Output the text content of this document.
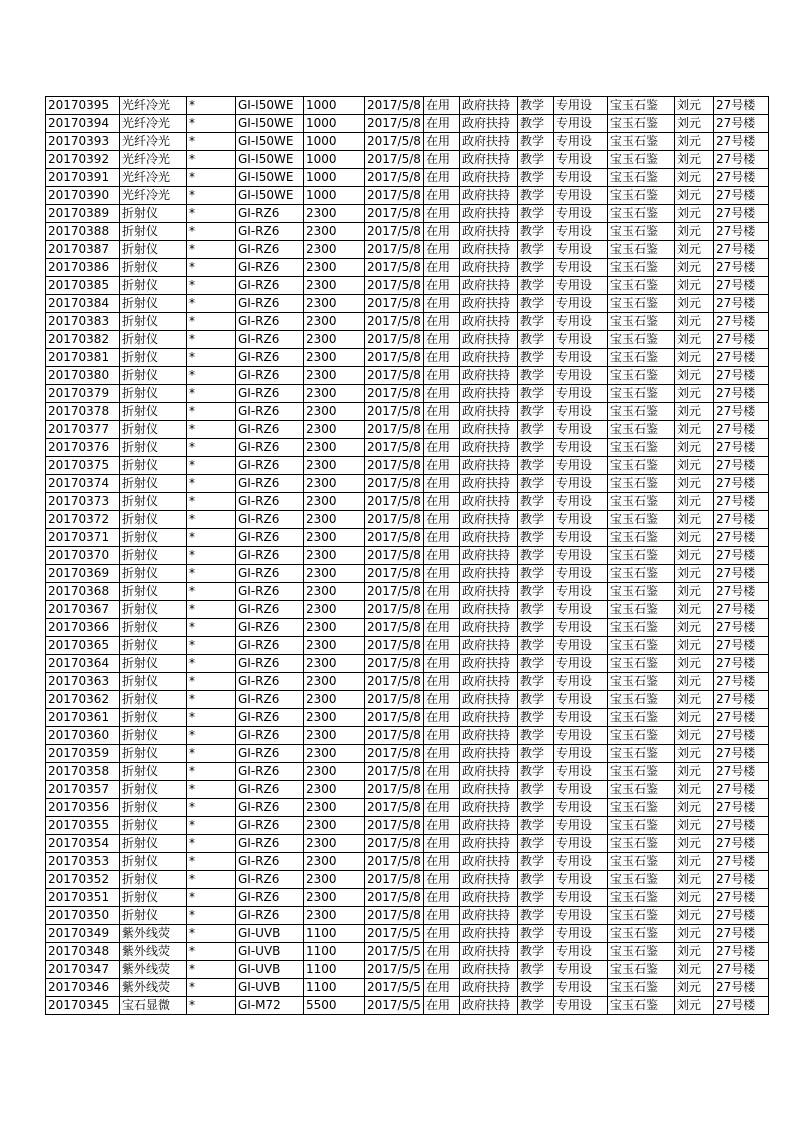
20170395	光纤冷光	*	GI-I50WE	1000	2017/5/8	在用	政府扶持	教学	专用设	宝玉石鉴	刘元	27号楼
20170394	光纤冷光	*	GI-I50WE	1000	2017/5/8	在用	政府扶持	教学	专用设	宝玉石鉴	刘元	27号楼
20170393	光纤冷光	*	GI-I50WE	1000	2017/5/8	在用	政府扶持	教学	专用设	宝玉石鉴	刘元	27号楼
20170392	光纤冷光	*	GI-I50WE	1000	2017/5/8	在用	政府扶持	教学	专用设	宝玉石鉴	刘元	27号楼
20170391	光纤冷光	*	GI-I50WE	1000	2017/5/8	在用	政府扶持	教学	专用设	宝玉石鉴	刘元	27号楼
20170390	光纤冷光	*	GI-I50WE	1000	2017/5/8	在用	政府扶持	教学	专用设	宝玉石鉴	刘元	27号楼
20170389	折射仪	*	GI-RZ6	2300	2017/5/8	在用	政府扶持	教学	专用设	宝玉石鉴	刘元	27号楼
20170388	折射仪	*	GI-RZ6	2300	2017/5/8	在用	政府扶持	教学	专用设	宝玉石鉴	刘元	27号楼
20170387	折射仪	*	GI-RZ6	2300	2017/5/8	在用	政府扶持	教学	专用设	宝玉石鉴	刘元	27号楼
20170386	折射仪	*	GI-RZ6	2300	2017/5/8	在用	政府扶持	教学	专用设	宝玉石鉴	刘元	27号楼
20170385	折射仪	*	GI-RZ6	2300	2017/5/8	在用	政府扶持	教学	专用设	宝玉石鉴	刘元	27号楼
20170384	折射仪	*	GI-RZ6	2300	2017/5/8	在用	政府扶持	教学	专用设	宝玉石鉴	刘元	27号楼
20170383	折射仪	*	GI-RZ6	2300	2017/5/8	在用	政府扶持	教学	专用设	宝玉石鉴	刘元	27号楼
20170382	折射仪	*	GI-RZ6	2300	2017/5/8	在用	政府扶持	教学	专用设	宝玉石鉴	刘元	27号楼
20170381	折射仪	*	GI-RZ6	2300	2017/5/8	在用	政府扶持	教学	专用设	宝玉石鉴	刘元	27号楼
20170380	折射仪	*	GI-RZ6	2300	2017/5/8	在用	政府扶持	教学	专用设	宝玉石鉴	刘元	27号楼
20170379	折射仪	*	GI-RZ6	2300	2017/5/8	在用	政府扶持	教学	专用设	宝玉石鉴	刘元	27号楼
20170378	折射仪	*	GI-RZ6	2300	2017/5/8	在用	政府扶持	教学	专用设	宝玉石鉴	刘元	27号楼
20170377	折射仪	*	GI-RZ6	2300	2017/5/8	在用	政府扶持	教学	专用设	宝玉石鉴	刘元	27号楼
20170376	折射仪	*	GI-RZ6	2300	2017/5/8	在用	政府扶持	教学	专用设	宝玉石鉴	刘元	27号楼
20170375	折射仪	*	GI-RZ6	2300	2017/5/8	在用	政府扶持	教学	专用设	宝玉石鉴	刘元	27号楼
20170374	折射仪	*	GI-RZ6	2300	2017/5/8	在用	政府扶持	教学	专用设	宝玉石鉴	刘元	27号楼
20170373	折射仪	*	GI-RZ6	2300	2017/5/8	在用	政府扶持	教学	专用设	宝玉石鉴	刘元	27号楼
20170372	折射仪	*	GI-RZ6	2300	2017/5/8	在用	政府扶持	教学	专用设	宝玉石鉴	刘元	27号楼
20170371	折射仪	*	GI-RZ6	2300	2017/5/8	在用	政府扶持	教学	专用设	宝玉石鉴	刘元	27号楼
20170370	折射仪	*	GI-RZ6	2300	2017/5/8	在用	政府扶持	教学	专用设	宝玉石鉴	刘元	27号楼
20170369	折射仪	*	GI-RZ6	2300	2017/5/8	在用	政府扶持	教学	专用设	宝玉石鉴	刘元	27号楼
20170368	折射仪	*	GI-RZ6	2300	2017/5/8	在用	政府扶持	教学	专用设	宝玉石鉴	刘元	27号楼
20170367	折射仪	*	GI-RZ6	2300	2017/5/8	在用	政府扶持	教学	专用设	宝玉石鉴	刘元	27号楼
20170366	折射仪	*	GI-RZ6	2300	2017/5/8	在用	政府扶持	教学	专用设	宝玉石鉴	刘元	27号楼
20170365	折射仪	*	GI-RZ6	2300	2017/5/8	在用	政府扶持	教学	专用设	宝玉石鉴	刘元	27号楼
20170364	折射仪	*	GI-RZ6	2300	2017/5/8	在用	政府扶持	教学	专用设	宝玉石鉴	刘元	27号楼
20170363	折射仪	*	GI-RZ6	2300	2017/5/8	在用	政府扶持	教学	专用设	宝玉石鉴	刘元	27号楼
20170362	折射仪	*	GI-RZ6	2300	2017/5/8	在用	政府扶持	教学	专用设	宝玉石鉴	刘元	27号楼
20170361	折射仪	*	GI-RZ6	2300	2017/5/8	在用	政府扶持	教学	专用设	宝玉石鉴	刘元	27号楼
20170360	折射仪	*	GI-RZ6	2300	2017/5/8	在用	政府扶持	教学	专用设	宝玉石鉴	刘元	27号楼
20170359	折射仪	*	GI-RZ6	2300	2017/5/8	在用	政府扶持	教学	专用设	宝玉石鉴	刘元	27号楼
20170358	折射仪	*	GI-RZ6	2300	2017/5/8	在用	政府扶持	教学	专用设	宝玉石鉴	刘元	27号楼
20170357	折射仪	*	GI-RZ6	2300	2017/5/8	在用	政府扶持	教学	专用设	宝玉石鉴	刘元	27号楼
20170356	折射仪	*	GI-RZ6	2300	2017/5/8	在用	政府扶持	教学	专用设	宝玉石鉴	刘元	27号楼
20170355	折射仪	*	GI-RZ6	2300	2017/5/8	在用	政府扶持	教学	专用设	宝玉石鉴	刘元	27号楼
20170354	折射仪	*	GI-RZ6	2300	2017/5/8	在用	政府扶持	教学	专用设	宝玉石鉴	刘元	27号楼
20170353	折射仪	*	GI-RZ6	2300	2017/5/8	在用	政府扶持	教学	专用设	宝玉石鉴	刘元	27号楼
20170352	折射仪	*	GI-RZ6	2300	2017/5/8	在用	政府扶持	教学	专用设	宝玉石鉴	刘元	27号楼
20170351	折射仪	*	GI-RZ6	2300	2017/5/8	在用	政府扶持	教学	专用设	宝玉石鉴	刘元	27号楼
20170350	折射仪	*	GI-RZ6	2300	2017/5/8	在用	政府扶持	教学	专用设	宝玉石鉴	刘元	27号楼
20170349	紫外线荧	*	GI-UVB	1100	2017/5/5	在用	政府扶持	教学	专用设	宝玉石鉴	刘元	27号楼
20170348	紫外线荧	*	GI-UVB	1100	2017/5/5	在用	政府扶持	教学	专用设	宝玉石鉴	刘元	27号楼
20170347	紫外线荧	*	GI-UVB	1100	2017/5/5	在用	政府扶持	教学	专用设	宝玉石鉴	刘元	27号楼
20170346	紫外线荧	*	GI-UVB	1100	2017/5/5	在用	政府扶持	教学	专用设	宝玉石鉴	刘元	27号楼
20170345	宝石显微	*	GI-M72	5500	2017/5/5	在用	政府扶持	教学	专用设	宝玉石鉴	刘元	27号楼
